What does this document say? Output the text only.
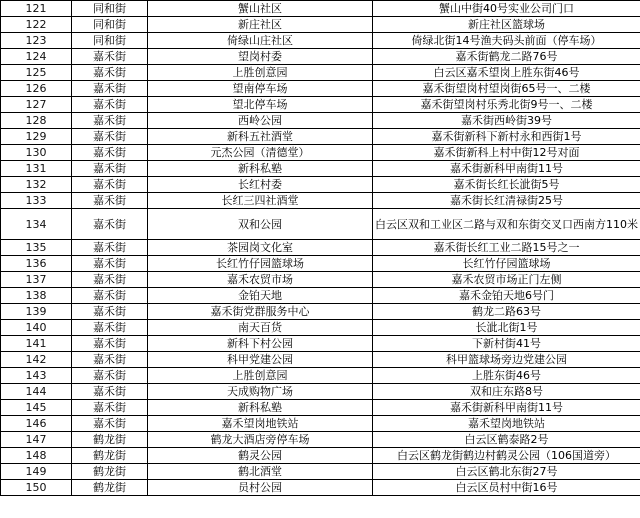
121	同和街	蟹山社区	蟹山中街40号实业公司门口
122	同和街	新庄社区	新庄社区篮球场
123	同和街	倚绿山庄社区	倚绿北街14号渔夫码头前面（停车场）
124	嘉禾街	望岗村委	嘉禾街鹤龙二路76号
125	嘉禾街	上胜创意园	白云区嘉禾望岗上胜东街46号
126	嘉禾街	望南停车场	嘉禾街望岗村望岗街65号一、二楼
127	嘉禾街	望北停车场	嘉禾街望岗村乐秀北街9号一、二楼
128	嘉禾街	西岭公园	嘉禾街西岭街39号
129	嘉禾街	新科五社酒堂	嘉禾街新科下新村永和西街1号
130	嘉禾街	元杰公园（清德堂）	嘉禾街新科上村中街12号对面
131	嘉禾街	新科私塾	嘉禾街新科甲南街11号
132	嘉禾街	长红村委	嘉禾街长红长泚街5号
133	嘉禾街	长红三四社酒堂	嘉禾街长红清禄街25号
134	嘉禾街	双和公园	白云区双和工业区二路与双和东街交叉口西南方110米
135	嘉禾街	茶园岗文化室	嘉禾街长红工业二路15号之一
136	嘉禾街	长红竹仔园篮球场	长红竹仔园篮球场
137	嘉禾街	嘉禾农贸市场	嘉禾农贸市场正门左侧
138	嘉禾街	金铂天地	嘉禾金铂天地6号门
139	嘉禾街	嘉禾街党群服务中心	鹤龙二路63号
140	嘉禾街	南天百货	长泚北街1号
141	嘉禾街	新科下村公园	下新村街41号
142	嘉禾街	科甲党建公园	科甲篮球场旁边党建公园
143	嘉禾街	上胜创意园	上胜东街46号
144	嘉禾街	天成购物广场	双和庄东路8号
145	嘉禾街	新科私塾	嘉禾街新科甲南街11号
146	嘉禾街	嘉禾望岗地铁站	嘉禾望岗地铁站
147	鹤龙街	鹤龙大酒店旁停车场	白云区鹤泰路2号
148	鹤龙街	鹤灵公园	白云区鹤龙街鹤边村鹤灵公园（106国道旁）
149	鹤龙街	鹤北酒堂	白云区鹤北东街27号
150	鹤龙街	员村公园	白云区员村中街16号
